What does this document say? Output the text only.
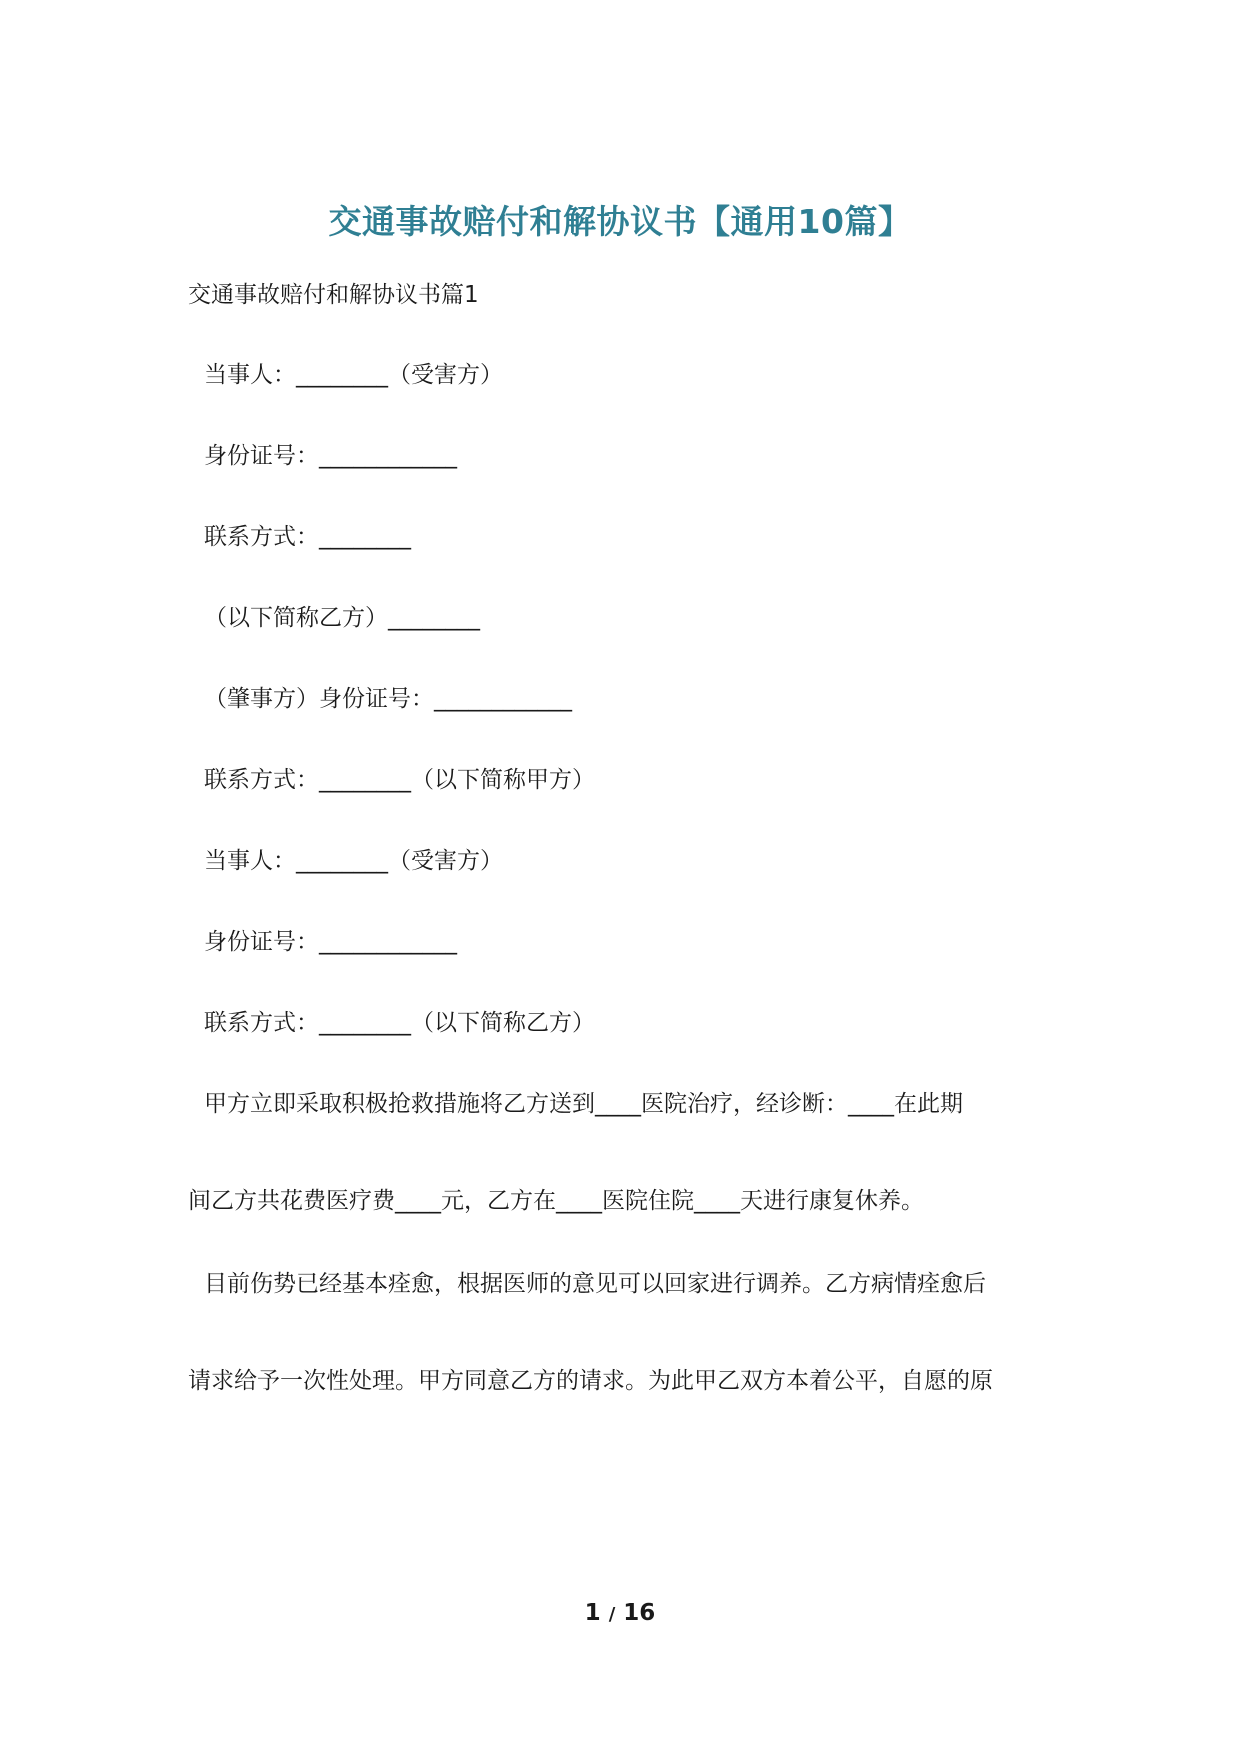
交通事故赔付和解协议书【通用10篇】
交通事故赔付和解协议书篇1
当事人：________（受害方）
身份证号：____________
联系方式：________
（以下简称乙方）________
（肇事方）身份证号：____________
联系方式：________（以下简称甲方）
当事人：________（受害方）
身份证号：____________
联系方式：________（以下简称乙方）
甲方立即采取积极抢救措施将乙方送到____医院治疗，经诊断：____在此期
间乙方共花费医疗费____元，乙方在____医院住院____天进行康复休养。
目前伤势已经基本痊愈，根据医师的意见可以回家进行调养。乙方病情痊愈后
请求给予一次性处理。甲方同意乙方的请求。为此甲乙双方本着公平，自愿的原
1 / 16
